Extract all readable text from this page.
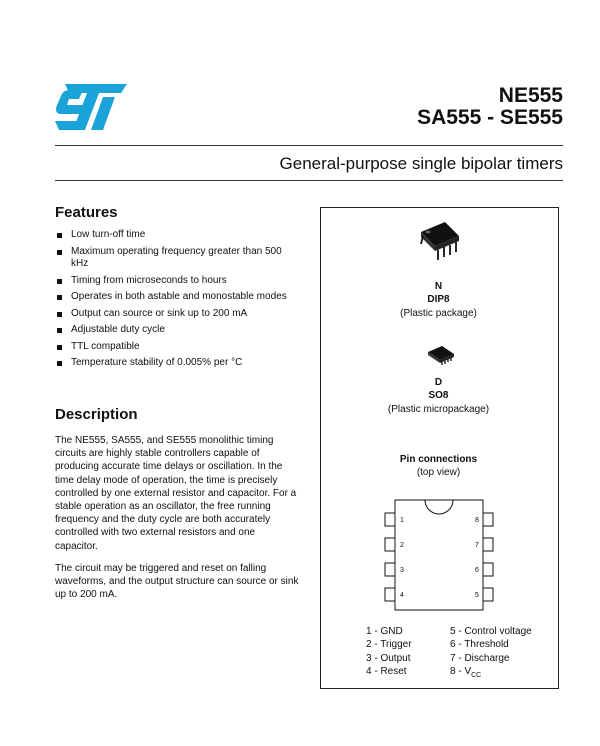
NE555
SA555 - SE555
General-purpose single bipolar timers
Features
Low turn-off time
Maximum operating frequency greater than 500 kHz
Timing from microseconds to hours
Operates in both astable and monostable modes
Output can source or sink up to 200 mA
Adjustable duty cycle
TTL compatible
Temperature stability of 0.005% per °C
Description

The NE555, SA555, and SE555 monolithic timing circuits are highly stable controllers capable of producing accurate time delays or oscillation. In the time delay mode of operation, the time is precisely controlled by one external resistor and capacitor. For a stable operation as an oscillator, the free running frequency and the duty cycle are both accurately controlled with two external resistors and one capacitor.

The circuit may be triggered and reset on falling waveforms, and the output structure can source or sink up to 200 mA.

N
DIP8
(Plastic package)
D
SO8
(Plastic micropackage)
Pin connections
(top view)
1
2
3
4
8
7
6
5
1 - GND
2 - Trigger
3 - Output
4 - Reset
5 - Control voltage
6 - Threshold
7 - Discharge
$8 - V_{CC}$
